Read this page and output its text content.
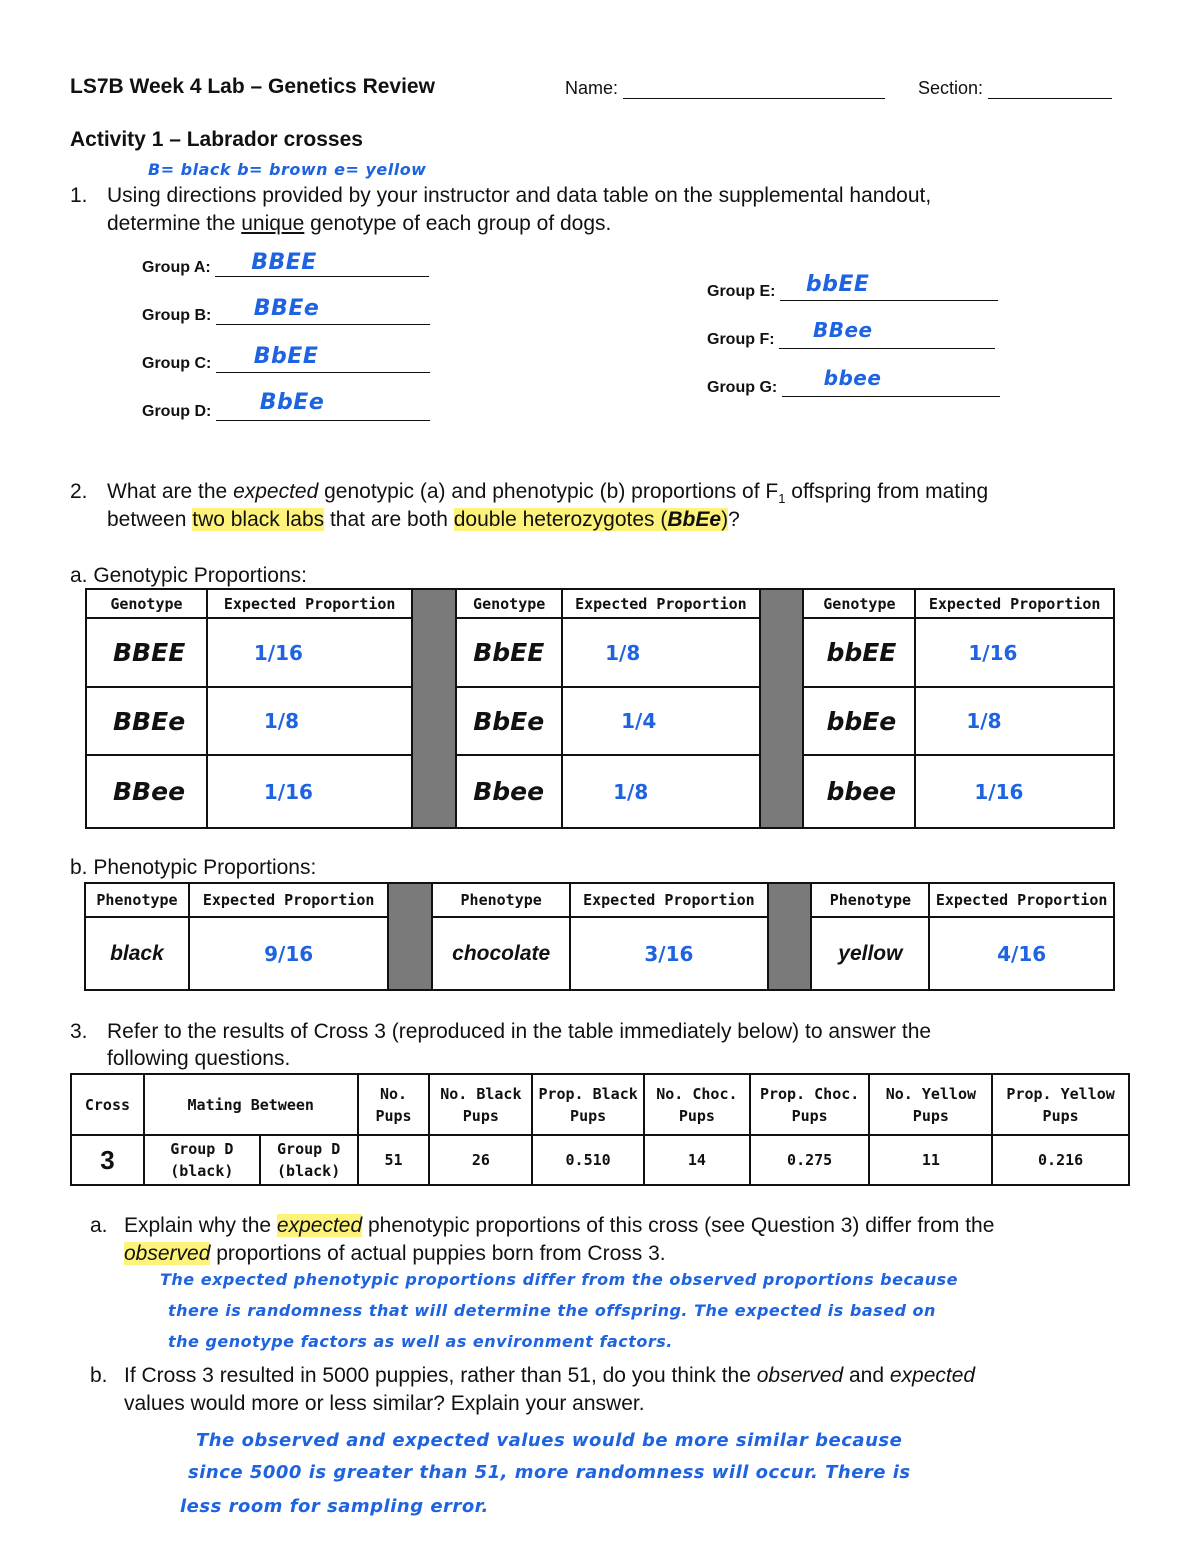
LS7B Week 4 Lab – Genetics Review	Name:	Section:
Activity 1 – Labrador crosses
B= black b= brown e= yellow
1. Using directions provided by your instructor and data table on the supplemental handout,
determine the unique genotype of each group of dogs.
Group A: BBEE
Group B: BBEe
Group C: BbEE
Group D: BbEe
Group E: bbEE
Group F: BBee
Group G: bbee
2. What are the expected genotypic (a) and phenotypic (b) proportions of $F_1$ offspring from mating
between two black labs that are both double heterozygotes (BbEe)?
a. Genotypic Proportions:
Genotype	Expected Proportion		Genotype	Expected Proportion		Genotype	Expected Proportion
BBEE	1/16		BbEE	1/8		bbEE	1/16
BBEe	1/8		BbEe	1/4		bbEe	1/8
BBee	1/16		Bbee	1/8		bbee	1/16
b. Phenotypic Proportions:
Phenotype	Expected Proportion		Phenotype	Expected Proportion		Phenotype	Expected Proportion
black	9/16		chocolate	3/16		yellow	4/16
3. Refer to the results of Cross 3 (reproduced in the table immediately below) to answer the
following questions.
Cross	Mating Between		No. Pups	No. Black Pups	Prop. Black Pups	No. Choc. Pups	Prop. Choc. Pups	No. Yellow Pups	Prop. Yellow Pups
3	Group D (black)	Group D (black)	51	26	0.510	14	0.275	11	0.216
a. Explain why the expected phenotypic proportions of this cross (see Question 3) differ from the
observed proportions of actual puppies born from Cross 3.
The expected phenotypic proportions differ from the observed proportions because
there is randomness that will determine the offspring. The expected is based on
the genotype factors as well as environment factors.
b. If Cross 3 resulted in 5000 puppies, rather than 51, do you think the observed and expected
values would more or less similar? Explain your answer.
The observed and expected values would be more similar because
since 5000 is greater than 51, more randomness will occur. There is
less room for sampling error.
